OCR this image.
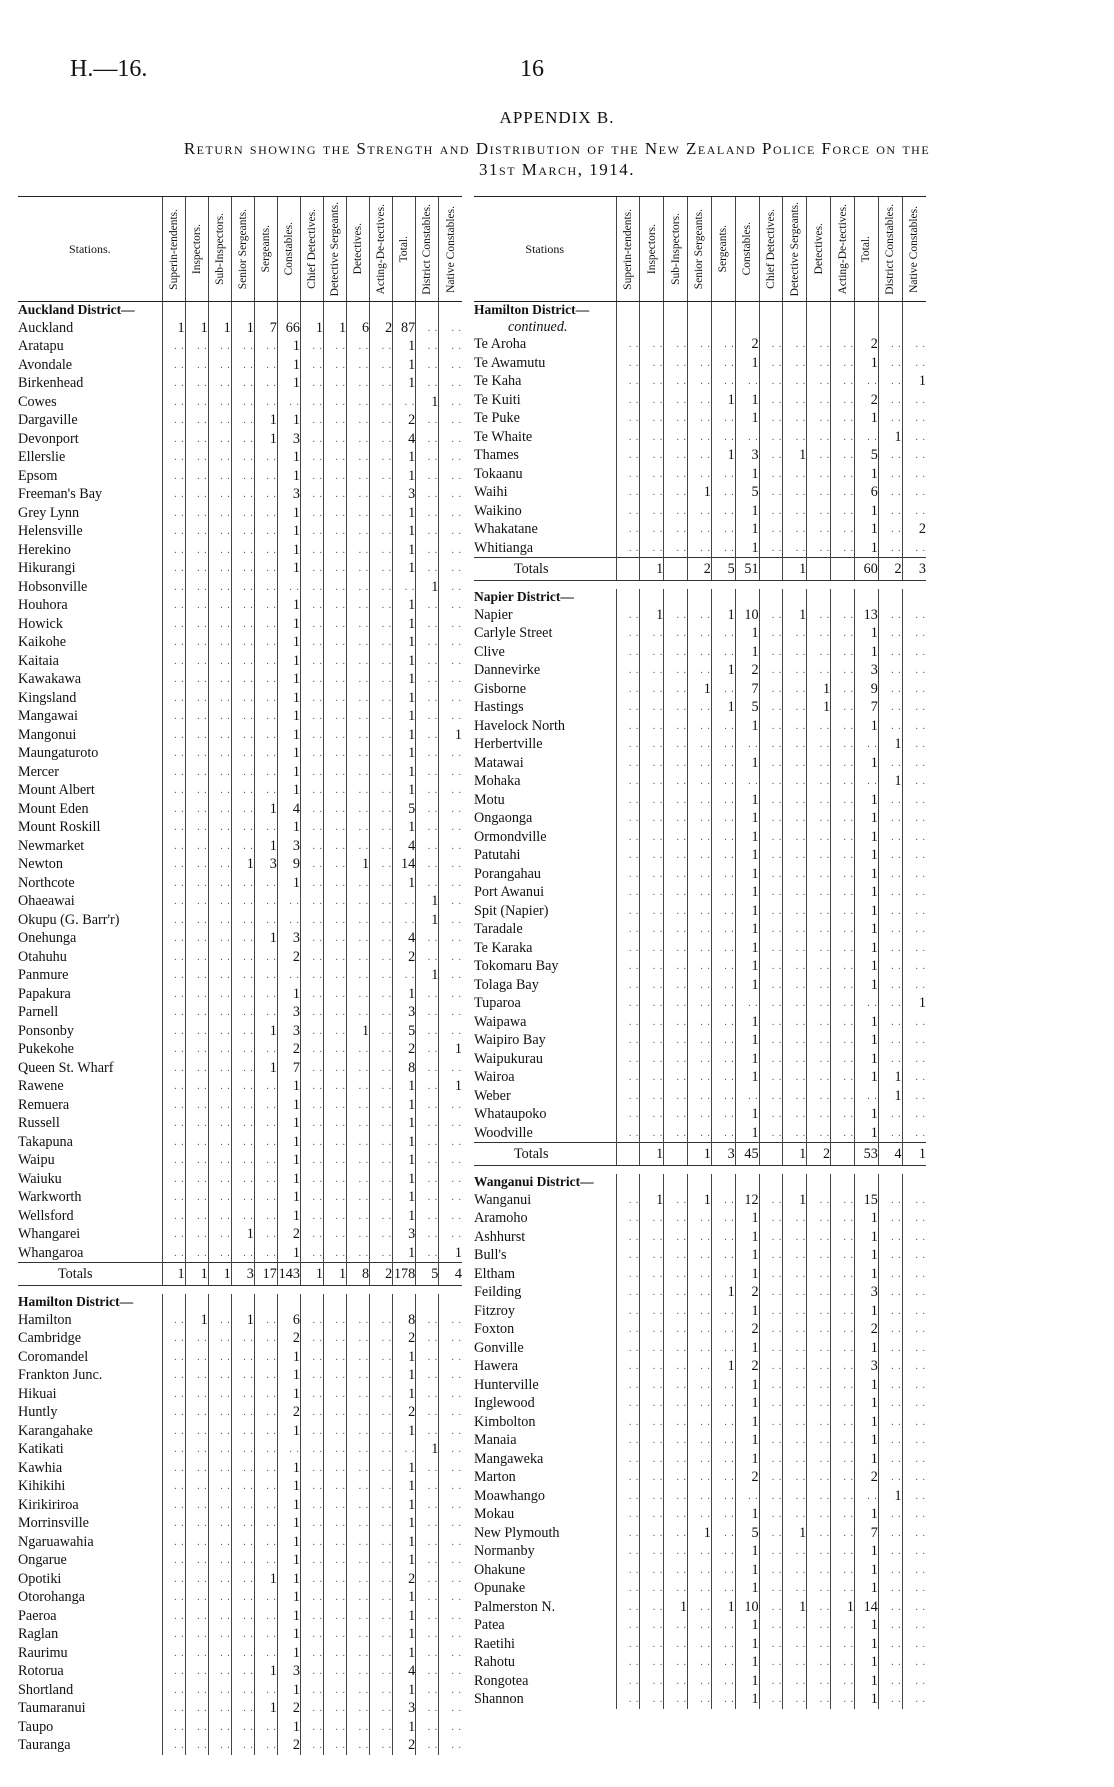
H.—16.	16
APPENDIX B.
Return showing the Strength and Distribution of the New Zealand Police Force on the
31st March, 1914.
Stations.	Superin-tendents.	Inspectors.	Sub-Inspectors.	Senior Sergeants.	Sergeants.	Constables.	Chief Detectives.	Detective Sergeants.	Detectives.	Acting-De-tectives.	Total.	District Constables.	Native Constables.

Auckland District—													
Auckland	1	1	1	1	7	66	1	1	6	2	87	. .	. .
Aratapu	. .	. .	. .	. .	. .	1	. .	. .	. .	. .	1	. .	. .
Avondale	. .	. .	. .	. .	. .	1	. .	. .	. .	. .	1	. .	. .
Birkenhead	. .	. .	. .	. .	. .	1	. .	. .	. .	. .	1	. .	. .
Cowes	. .	. .	. .	. .	. .	. .	. .	. .	. .	. .	. .	1	. .
Dargaville	. .	. .	. .	. .	1	1	. .	. .	. .	. .	2	. .	. .
Devonport	. .	. .	. .	. .	1	3	. .	. .	. .	. .	4	. .	. .
Ellerslie	. .	. .	. .	. .	. .	1	. .	. .	. .	. .	1	. .	. .
Epsom	. .	. .	. .	. .	. .	1	. .	. .	. .	. .	1	. .	. .
Freeman's Bay	. .	. .	. .	. .	. .	3	. .	. .	. .	. .	3	. .	. .
Grey Lynn	. .	. .	. .	. .	. .	1	. .	. .	. .	. .	1	. .	. .
Helensville	. .	. .	. .	. .	. .	1	. .	. .	. .	. .	1	. .	. .
Herekino	. .	. .	. .	. .	. .	1	. .	. .	. .	. .	1	. .	. .
Hikurangi	. .	. .	. .	. .	. .	1	. .	. .	. .	. .	1	. .	. .
Hobsonville	. .	. .	. .	. .	. .	. .	. .	. .	. .	. .	. .	1	. .
Houhora	. .	. .	. .	. .	. .	1	. .	. .	. .	. .	1	. .	. .
Howick	. .	. .	. .	. .	. .	1	. .	. .	. .	. .	1	. .	. .
Kaikohe	. .	. .	. .	. .	. .	1	. .	. .	. .	. .	1	. .	. .
Kaitaia	. .	. .	. .	. .	. .	1	. .	. .	. .	. .	1	. .	. .
Kawakawa	. .	. .	. .	. .	. .	1	. .	. .	. .	. .	1	. .	. .
Kingsland	. .	. .	. .	. .	. .	1	. .	. .	. .	. .	1	. .	. .
Mangawai	. .	. .	. .	. .	. .	1	. .	. .	. .	. .	1	. .	. .
Mangonui	. .	. .	. .	. .	. .	1	. .	. .	. .	. .	1	. .	1
Maungaturoto	. .	. .	. .	. .	. .	1	. .	. .	. .	. .	1	. .	. .
Mercer	. .	. .	. .	. .	. .	1	. .	. .	. .	. .	1	. .	. .
Mount Albert	. .	. .	. .	. .	. .	1	. .	. .	. .	. .	1	. .	. .
Mount Eden	. .	. .	. .	. .	1	4	. .	. .	. .	. .	5	. .	. .
Mount Roskill	. .	. .	. .	. .	. .	1	. .	. .	. .	. .	1	. .	. .
Newmarket	. .	. .	. .	. .	1	3	. .	. .	. .	. .	4	. .	. .
Newton	. .	. .	. .	1	3	9	. .	. .	1	. .	14	. .	. .
Northcote	. .	. .	. .	. .	. .	1	. .	. .	. .	. .	1	. .	. .
Ohaeawai	. .	. .	. .	. .	. .	. .	. .	. .	. .	. .	. .	1	. .
Okupu (G. Barr'r)	. .	. .	. .	. .	. .	. .	. .	. .	. .	. .	. .	1	. .
Onehunga	. .	. .	. .	. .	1	3	. .	. .	. .	. .	4	. .	. .
Otahuhu	. .	. .	. .	. .	. .	2	. .	. .	. .	. .	2	. .	. .
Panmure	. .	. .	. .	. .	. .	. .	. .	. .	. .	. .	. .	1	. .
Papakura	. .	. .	. .	. .	. .	1	. .	. .	. .	. .	1	. .	. .
Parnell	. .	. .	. .	. .	. .	3	. .	. .	. .	. .	3	. .	. .
Ponsonby	. .	. .	. .	. .	1	3	. .	. .	1	. .	5	. .	. .
Pukekohe	. .	. .	. .	. .	. .	2	. .	. .	. .	. .	2	. .	1
Queen St. Wharf	. .	. .	. .	. .	1	7	. .	. .	. .	. .	8	. .	. .
Rawene	. .	. .	. .	. .	. .	1	. .	. .	. .	. .	1	. .	1
Remuera	. .	. .	. .	. .	. .	1	. .	. .	. .	. .	1	. .	. .
Russell	. .	. .	. .	. .	. .	1	. .	. .	. .	. .	1	. .	. .
Takapuna	. .	. .	. .	. .	. .	1	. .	. .	. .	. .	1	. .	. .
Waipu	. .	. .	. .	. .	. .	1	. .	. .	. .	. .	1	. .	. .
Waiuku	. .	. .	. .	. .	. .	1	. .	. .	. .	. .	1	. .	. .
Warkworth	. .	. .	. .	. .	. .	1	. .	. .	. .	. .	1	. .	. .
Wellsford	. .	. .	. .	. .	. .	1	. .	. .	. .	. .	1	. .	. .
Whangarei	. .	. .	. .	1	. .	2	. .	. .	. .	. .	3	. .	. .
Whangaroa	. .	. .	. .	. .	. .	1	. .	. .	. .	. .	1	. .	1
Totals	1	1	1	3	17	143	1	1	8	2	178	5	4

Hamilton District—													
Hamilton	. .	1	. .	1	. .	6	. .	. .	. .	. .	8	. .	. .
Cambridge	. .	. .	. .	. .	. .	2	. .	. .	. .	. .	2	. .	. .
Coromandel	. .	. .	. .	. .	. .	1	. .	. .	. .	. .	1	. .	. .
Frankton Junc.	. .	. .	. .	. .	. .	1	. .	. .	. .	. .	1	. .	. .
Hikuai	. .	. .	. .	. .	. .	1	. .	. .	. .	. .	1	. .	. .
Huntly	. .	. .	. .	. .	. .	2	. .	. .	. .	. .	2	. .	. .
Karangahake	. .	. .	. .	. .	. .	1	. .	. .	. .	. .	1	. .	. .
Katikati	. .	. .	. .	. .	. .	. .	. .	. .	. .	. .	. .	1	. .
Kawhia	. .	. .	. .	. .	. .	1	. .	. .	. .	. .	1	. .	. .
Kihikihi	. .	. .	. .	. .	. .	1	. .	. .	. .	. .	1	. .	. .
Kirikiriroa	. .	. .	. .	. .	. .	1	. .	. .	. .	. .	1	. .	. .
Morrinsville	. .	. .	. .	. .	. .	1	. .	. .	. .	. .	1	. .	. .
Ngaruawahia	. .	. .	. .	. .	. .	1	. .	. .	. .	. .	1	. .	. .
Ongarue	. .	. .	. .	. .	. .	1	. .	. .	. .	. .	1	. .	. .
Opotiki	. .	. .	. .	. .	1	1	. .	. .	. .	. .	2	. .	. .
Otorohanga	. .	. .	. .	. .	. .	1	. .	. .	. .	. .	1	. .	. .
Paeroa	. .	. .	. .	. .	. .	1	. .	. .	. .	. .	1	. .	. .
Raglan	. .	. .	. .	. .	. .	1	. .	. .	. .	. .	1	. .	. .
Raurimu	. .	. .	. .	. .	. .	1	. .	. .	. .	. .	1	. .	. .
Rotorua	. .	. .	. .	. .	1	3	. .	. .	. .	. .	4	. .	. .
Shortland	. .	. .	. .	. .	. .	1	. .	. .	. .	. .	1	. .	. .
Taumaranui	. .	. .	. .	. .	1	2	. .	. .	. .	. .	3	. .	. .
Taupo	. .	. .	. .	. .	. .	1	. .	. .	. .	. .	1	. .	. .
Tauranga	. .	. .	. .	. .	. .	2	. .	. .	. .	. .	2	. .	. .
Stations	Superin-tendents.	Inspectors.	Sub-Inspectors.	Senior Sergeants.	Sergeants.	Constables.	Chief Detectives.	Detective Sergeants.	Detectives.	Acting-De-tectives.	Total.	District Constables.	Native Constables.

Hamilton District—													
continued.													
Te Aroha	. .	. .	. .	. .	. .	2	. .	. .	. .	. .	2	. .	. .
Te Awamutu	. .	. .	. .	. .	. .	1	. .	. .	. .	. .	1	. .	. .
Te Kaha	. .	. .	. .	. .	. .	. .	. .	. .	. .	. .	. .	. .	1
Te Kuiti	. .	. .	. .	. .	1	1	. .	. .	. .	. .	2	. .	. .
Te Puke	. .	. .	. .	. .	. .	1	. .	. .	. .	. .	1	. .	. .
Te Whaite	. .	. .	. .	. .	. .	. .	. .	. .	. .	. .	. .	1	. .
Thames	. .	. .	. .	. .	1	3	. .	1	. .	. .	5	. .	. .
Tokaanu	. .	. .	. .	. .	. .	1	. .	. .	. .	. .	1	. .	. .
Waihi	. .	. .	. .	1	. .	5	. .	. .	. .	. .	6	. .	. .
Waikino	. .	. .	. .	. .	. .	1	. .	. .	. .	. .	1	. .	. .
Whakatane	. .	. .	. .	. .	. .	1	. .	. .	. .	. .	1	. .	2
Whitianga	. .	. .	. .	. .	. .	1	. .	. .	. .	. .	1	. .	. .
Totals		1		2	5	51		1			60	2	3

Napier District—													
Napier	. .	1	. .	. .	1	10	. .	1	. .	. .	13	. .	. .
Carlyle Street	. .	. .	. .	. .	. .	1	. .	. .	. .	. .	1	. .	. .
Clive	. .	. .	. .	. .	. .	1	. .	. .	. .	. .	1	. .	. .
Dannevirke	. .	. .	. .	. .	1	2	. .	. .	. .	. .	3	. .	. .
Gisborne	. .	. .	. .	1	. .	7	. .	. .	1	. .	9	. .	. .
Hastings	. .	. .	. .	. .	1	5	. .	. .	1	. .	7	. .	. .
Havelock North	. .	. .	. .	. .	. .	1	. .	. .	. .	. .	1	. .	. .
Herbertville	. .	. .	. .	. .	. .	. .	. .	. .	. .	. .	. .	1	. .
Matawai	. .	. .	. .	. .	. .	1	. .	. .	. .	. .	1	. .	. .
Mohaka	. .	. .	. .	. .	. .	. .	. .	. .	. .	. .	. .	1	. .
Motu	. .	. .	. .	. .	. .	1	. .	. .	. .	. .	1	. .	. .
Ongaonga	. .	. .	. .	. .	. .	1	. .	. .	. .	. .	1	. .	. .
Ormondville	. .	. .	. .	. .	. .	1	. .	. .	. .	. .	1	. .	. .
Patutahi	. .	. .	. .	. .	. .	1	. .	. .	. .	. .	1	. .	. .
Porangahau	. .	. .	. .	. .	. .	1	. .	. .	. .	. .	1	. .	. .
Port Awanui	. .	. .	. .	. .	. .	1	. .	. .	. .	. .	1	. .	. .
Spit (Napier)	. .	. .	. .	. .	. .	1	. .	. .	. .	. .	1	. .	. .
Taradale	. .	. .	. .	. .	. .	1	. .	. .	. .	. .	1	. .	. .
Te Karaka	. .	. .	. .	. .	. .	1	. .	. .	. .	. .	1	. .	. .
Tokomaru Bay	. .	. .	. .	. .	. .	1	. .	. .	. .	. .	1	. .	. .
Tolaga Bay	. .	. .	. .	. .	. .	1	. .	. .	. .	. .	1	. .	. .
Tuparoa	. .	. .	. .	. .	. .	. .	. .	. .	. .	. .	. .	. .	1
Waipawa	. .	. .	. .	. .	. .	1	. .	. .	. .	. .	1	. .	. .
Waipiro Bay	. .	. .	. .	. .	. .	1	. .	. .	. .	. .	1	. .	. .
Waipukurau	. .	. .	. .	. .	. .	1	. .	. .	. .	. .	1	. .	. .
Wairoa	. .	. .	. .	. .	. .	1	. .	. .	. .	. .	1	1	. .
Weber	. .	. .	. .	. .	. .	. .	. .	. .	. .	. .	. .	1	. .
Whataupoko	. .	. .	. .	. .	. .	1	. .	. .	. .	. .	1	. .	. .
Woodville	. .	. .	. .	. .	. .	1	. .	. .	. .	. .	1	. .	. .
Totals		1		1	3	45		1	2		53	4	1

Wanganui District—													
Wanganui	. .	1	. .	1	. .	12	. .	1	. .	. .	15	. .	. .
Aramoho	. .	. .	. .	. .	. .	1	. .	. .	. .	. .	1	. .	. .
Ashhurst	. .	. .	. .	. .	. .	1	. .	. .	. .	. .	1	. .	. .
Bull's	. .	. .	. .	. .	. .	1	. .	. .	. .	. .	1	. .	. .
Eltham	. .	. .	. .	. .	. .	1	. .	. .	. .	. .	1	. .	. .
Feilding	. .	. .	. .	. .	1	2	. .	. .	. .	. .	3	. .	. .
Fitzroy	. .	. .	. .	. .	. .	1	. .	. .	. .	. .	1	. .	. .
Foxton	. .	. .	. .	. .	. .	2	. .	. .	. .	. .	2	. .	. .
Gonville	. .	. .	. .	. .	. .	1	. .	. .	. .	. .	1	. .	. .
Hawera	. .	. .	. .	. .	1	2	. .	. .	. .	. .	3	. .	. .
Hunterville	. .	. .	. .	. .	. .	1	. .	. .	. .	. .	1	. .	. .
Inglewood	. .	. .	. .	. .	. .	1	. .	. .	. .	. .	1	. .	. .
Kimbolton	. .	. .	. .	. .	. .	1	. .	. .	. .	. .	1	. .	. .
Manaia	. .	. .	. .	. .	. .	1	. .	. .	. .	. .	1	. .	. .
Mangaweka	. .	. .	. .	. .	. .	1	. .	. .	. .	. .	1	. .	. .
Marton	. .	. .	. .	. .	. .	2	. .	. .	. .	. .	2	. .	. .
Moawhango	. .	. .	. .	. .	. .	. .	. .	. .	. .	. .	. .	1	. .
Mokau	. .	. .	. .	. .	. .	1	. .	. .	. .	. .	1	. .	. .
New Plymouth	. .	. .	. .	1	. .	5	. .	1	. .	. .	7	. .	. .
Normanby	. .	. .	. .	. .	. .	1	. .	. .	. .	. .	1	. .	. .
Ohakune	. .	. .	. .	. .	. .	1	. .	. .	. .	. .	1	. .	. .
Opunake	. .	. .	. .	. .	. .	1	. .	. .	. .	. .	1	. .	. .
Palmerston N.	. .	. .	1	. .	1	10	. .	1	. .	1	14	. .	. .
Patea	. .	. .	. .	. .	. .	1	. .	. .	. .	. .	1	. .	. .
Raetihi	. .	. .	. .	. .	. .	1	. .	. .	. .	. .	1	. .	. .
Rahotu	. .	. .	. .	. .	. .	1	. .	. .	. .	. .	1	. .	. .
Rongotea	. .	. .	. .	. .	. .	1	. .	. .	. .	. .	1	. .	. .
Shannon	. .	. .	. .	. .	. .	1	. .	. .	. .	. .	1	. .	. .
